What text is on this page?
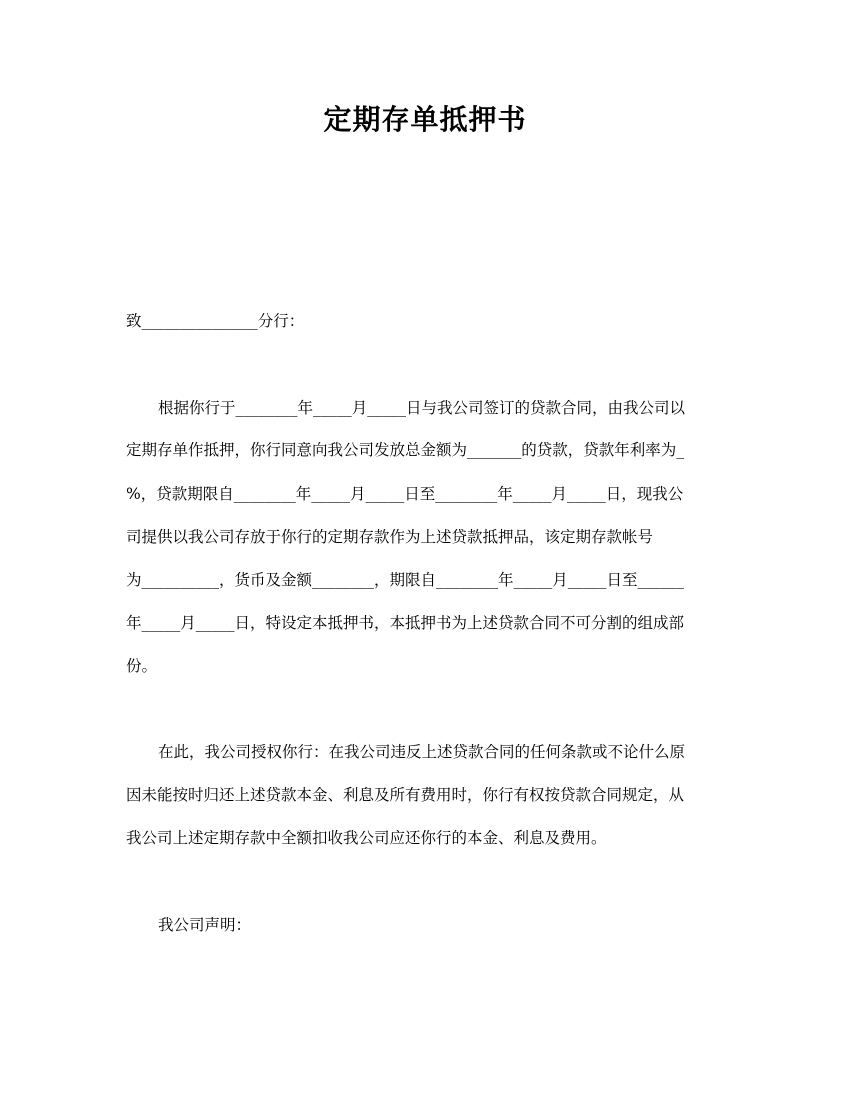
定期存单抵押书
致_______________分行：
根据你行于________年_____月_____日与我公司签订的贷款合同，由我公司以
定期存单作抵押，你行同意向我公司发放总金额为_______的贷款，贷款年利率为_
%，贷款期限自________年_____月_____日至________年_____月_____日，现我公
司提供以我公司存放于你行的定期存款作为上述贷款抵押品，该定期存款帐号
为__________，货币及金额________，期限自________年_____月_____日至______
年_____月_____日，特设定本抵押书，本抵押书为上述贷款合同不可分割的组成部
份。
在此，我公司授权你行：在我公司违反上述贷款合同的任何条款或不论什么原
因未能按时归还上述贷款本金、利息及所有费用时，你行有权按贷款合同规定，从
我公司上述定期存款中全额扣收我公司应还你行的本金、利息及费用。
我公司声明：
